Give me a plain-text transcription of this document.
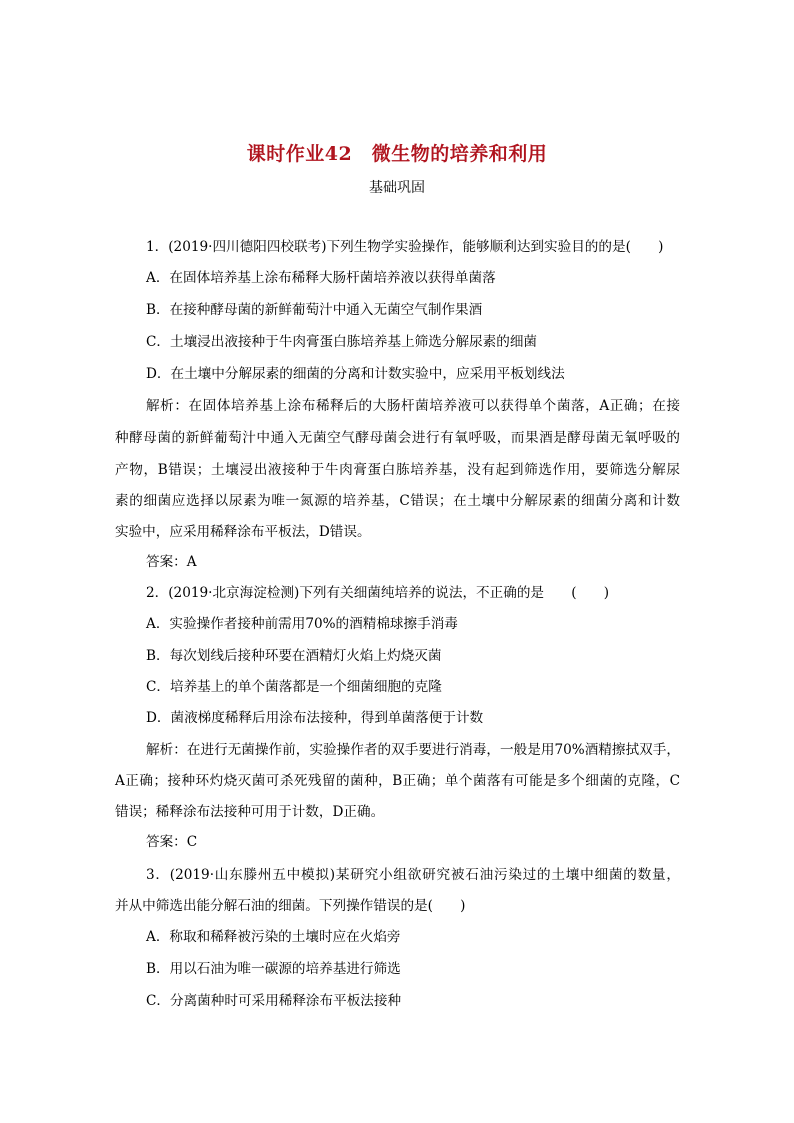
课时作业42　微生物的培养和利用
基础巩固
1．(2019·四川德阳四校联考)下列生物学实验操作，能够顺利达到实验目的的是(　　)
A．在固体培养基上涂布稀释大肠杆菌培养液以获得单菌落
B．在接种酵母菌的新鲜葡萄汁中通入无菌空气制作果酒
C．土壤浸出液接种于牛肉膏蛋白胨培养基上筛选分解尿素的细菌
D．在土壤中分解尿素的细菌的分离和计数实验中，应采用平板划线法
解析：在固体培养基上涂布稀释后的大肠杆菌培养液可以获得单个菌落，A正确；在接
种酵母菌的新鲜葡萄汁中通入无菌空气酵母菌会进行有氧呼吸，而果酒是酵母菌无氧呼吸的
产物，B错误；土壤浸出液接种于牛肉膏蛋白胨培养基，没有起到筛选作用，要筛选分解尿
素的细菌应选择以尿素为唯一氮源的培养基，C错误；在土壤中分解尿素的细菌分离和计数
实验中，应采用稀释涂布平板法，D错误。
答案：A
2．(2019·北京海淀检测)下列有关细菌纯培养的说法，不正确的是　　(　　)
A．实验操作者接种前需用70%的酒精棉球擦手消毒
B．每次划线后接种环要在酒精灯火焰上灼烧灭菌
C．培养基上的单个菌落都是一个细菌细胞的克隆
D．菌液梯度稀释后用涂布法接种，得到单菌落便于计数
解析：在进行无菌操作前，实验操作者的双手要进行消毒，一般是用70%酒精擦拭双手，
A正确；接种环灼烧灭菌可杀死残留的菌种，B正确；单个菌落有可能是多个细菌的克隆，C
错误；稀释涂布法接种可用于计数，D正确。
答案：C
3．(2019·山东滕州五中模拟)某研究小组欲研究被石油污染过的土壤中细菌的数量，
并从中筛选出能分解石油的细菌。下列操作错误的是(　　)
A．称取和稀释被污染的土壤时应在火焰旁
B．用以石油为唯一碳源的培养基进行筛选
C．分离菌种时可采用稀释涂布平板法接种
